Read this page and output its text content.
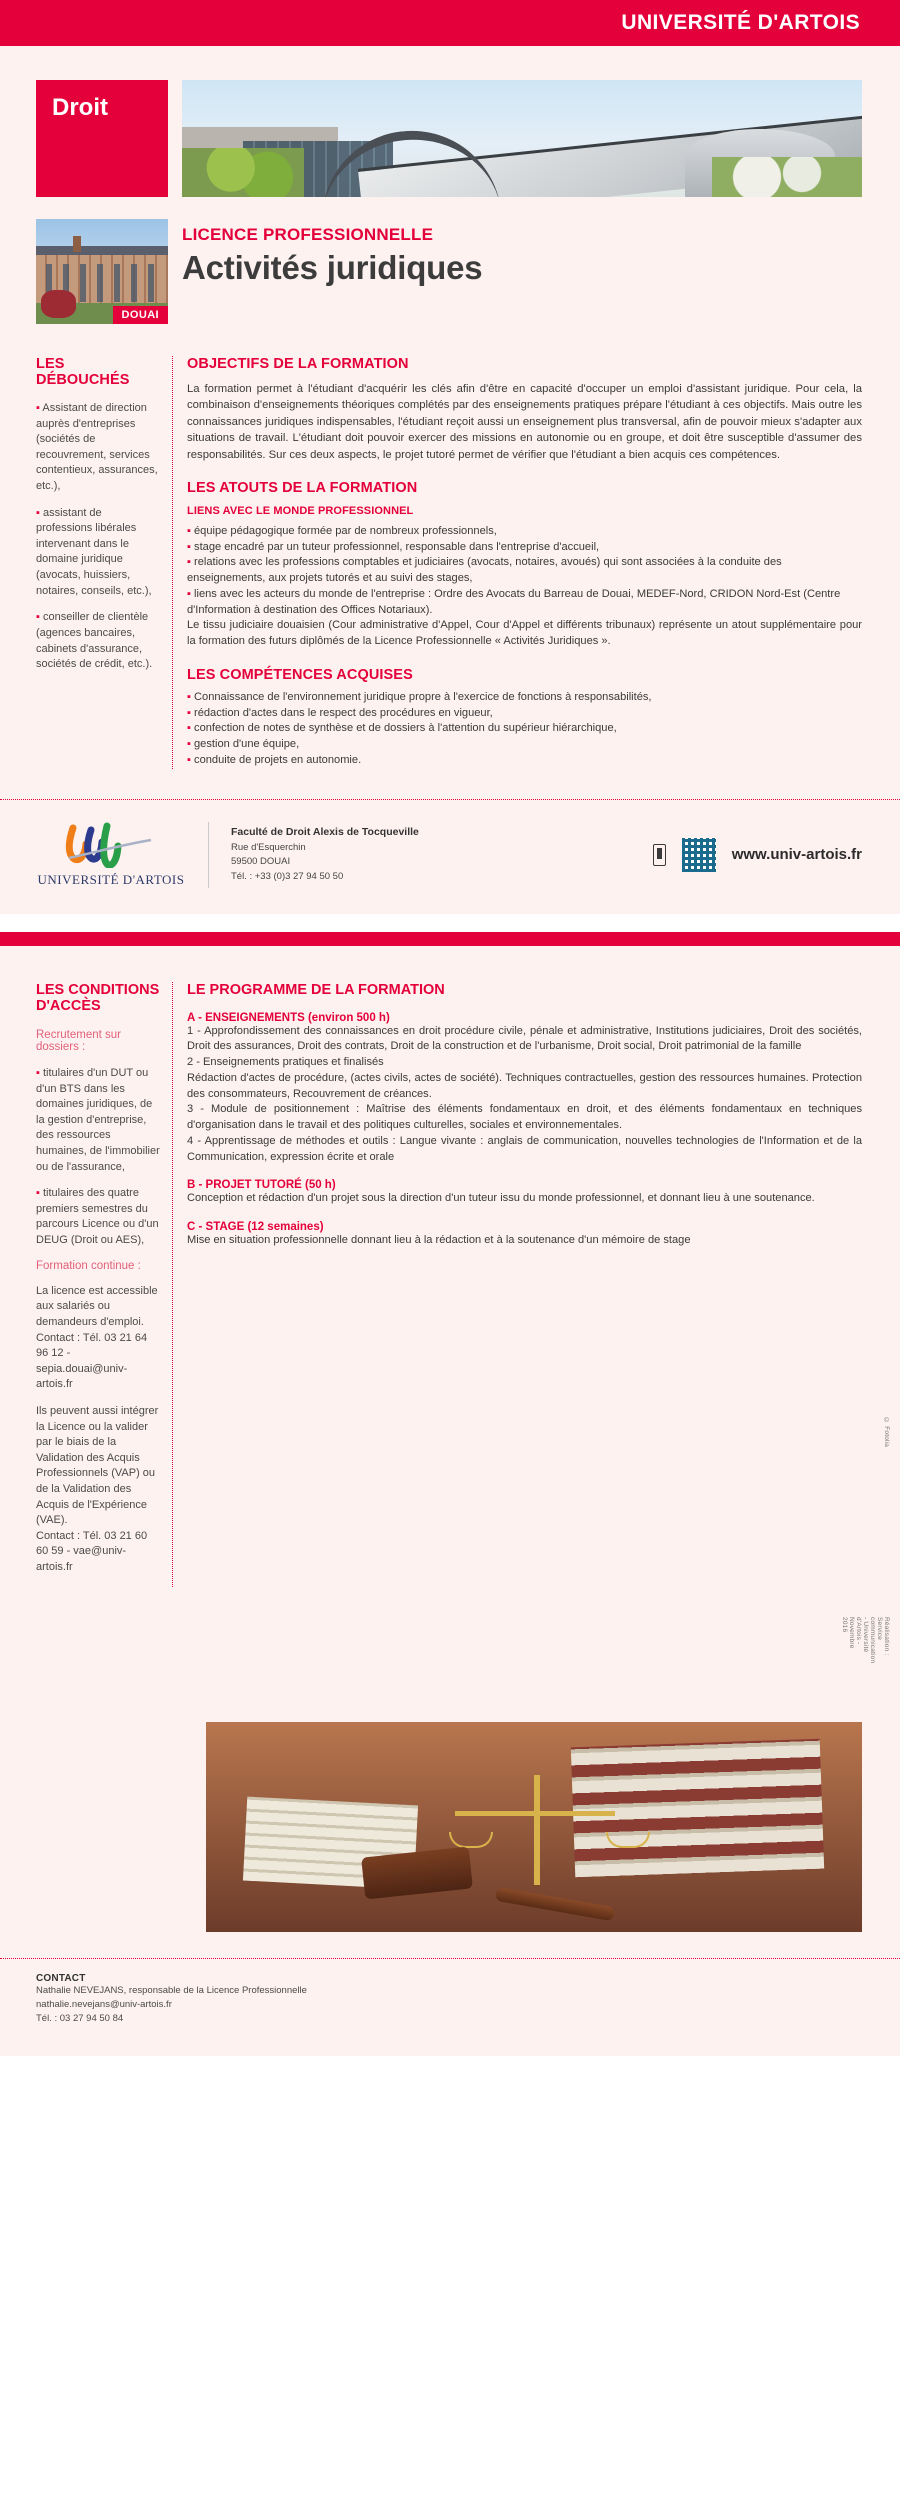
UNIVERSITÉ D'ARTOIS
Droit
DOUAI
LICENCE PROFESSIONNELLE
Activités juridiques
LES DÉBOUCHÉS
▪ Assistant de direction auprès d'entreprises (sociétés de recouvrement, services contentieux, assurances, etc.),
▪ assistant de professions libérales intervenant dans le domaine juridique (avocats, huissiers, notaires, conseils, etc.),
▪ conseiller de clientèle (agences bancaires, cabinets d'assurance, sociétés de crédit, etc.).
OBJECTIFS DE LA FORMATION
La formation permet à l'étudiant d'acquérir les clés afin d'être en capacité d'occuper un emploi d'assistant juridique. Pour cela, la combinaison d'enseignements théoriques complétés par des enseignements pratiques prépare l'étudiant à ces objectifs. Mais outre les connaissances juridiques indispensables, l'étudiant reçoit aussi un enseignement plus transversal, afin de pouvoir mieux s'adapter aux situations de travail. L'étudiant doit pouvoir exercer des missions en autonomie ou en groupe, et doit être susceptible d'assumer des responsabilités. Sur ces deux aspects, le projet tutoré permet de vérifier que l'étudiant a bien acquis ces compétences.
LES ATOUTS DE LA FORMATION
LIENS AVEC LE MONDE PROFESSIONNEL
▪ équipe pédagogique formée par de nombreux professionnels,
▪ stage encadré par un tuteur professionnel, responsable dans l'entreprise d'accueil,
▪ relations avec les professions comptables et judiciaires (avocats, notaires, avoués) qui sont associées à la conduite des enseignements, aux projets tutorés et au suivi des stages,
▪ liens avec les acteurs du monde de l'entreprise : Ordre des Avocats du Barreau de Douai, MEDEF-Nord, CRIDON Nord-Est (Centre d'Information à destination des Offices Notariaux).
Le tissu judiciaire douaisien (Cour administrative d'Appel, Cour d'Appel et différents tribunaux) représente un atout supplémentaire pour la formation des futurs diplômés de la Licence Professionnelle « Activités Juridiques ».
LES COMPÉTENCES ACQUISES
▪ Connaissance de l'environnement juridique propre à l'exercice de fonctions à responsabilités,
▪ rédaction d'actes dans le respect des procédures en vigueur,
▪ confection de notes de synthèse et de dossiers à l'attention du supérieur hiérarchique,
▪ gestion d'une équipe,
▪ conduite de projets en autonomie.
UNIVERSITÉ D'ARTOIS
Faculté de Droit Alexis de Tocqueville
Rue d'Esquerchin
59500 DOUAI
Tél. : +33 (0)3 27 94 50 50
www.univ-artois.fr
LES CONDITIONS
D'ACCÈS
Recrutement sur dossiers :
▪ titulaires d'un DUT ou d'un BTS dans les domaines juridiques, de la gestion d'entreprise, des ressources humaines, de l'immobilier ou de l'assurance,
▪ titulaires des quatre premiers semestres du parcours Licence ou d'un DEUG (Droit ou AES),
Formation continue :
La licence est accessible aux salariés ou demandeurs d'emploi.
Contact : Tél. 03 21 64 96 12 - sepia.douai@univ-artois.fr
Ils peuvent aussi intégrer la Licence ou la valider par le biais de la Validation des Acquis Professionnels (VAP) ou de la Validation des Acquis de l'Expérience (VAE).
Contact : Tél. 03 21 60 60 59 - vae@univ-artois.fr
LE PROGRAMME DE LA FORMATION
A - ENSEIGNEMENTS (environ 500 h)
1 - Approfondissement des connaissances en droit procédure civile, pénale et administrative, Institutions judiciaires, Droit des sociétés, Droit des assurances, Droit des contrats, Droit de la construction et de l'urbanisme, Droit social, Droit patrimonial de la famille
2 - Enseignements pratiques et finalisés
Rédaction d'actes de procédure, (actes civils, actes de société). Techniques contractuelles, gestion des ressources humaines. Protection des consommateurs, Recouvrement de créances.
3 - Module de positionnement : Maîtrise des éléments fondamentaux en droit, et des éléments fondamentaux en techniques d'organisation dans le travail et des politiques culturelles, sociales et environnementales.
4 - Apprentissage de méthodes et outils : Langue vivante : anglais de communication, nouvelles technologies de l'Information et de la Communication, expression écrite et orale
B - PROJET TUTORÉ (50 h)
Conception et rédaction d'un projet sous la direction d'un tuteur issu du monde professionnel, et donnant lieu à une soutenance.
C - STAGE (12 semaines)
Mise en situation professionnelle donnant lieu à la rédaction et à la soutenance d'un mémoire de stage
© Fotolia
Réalisation : Service communication - Université d'Artois - Novembre 2016
CONTACT
Nathalie NEVEJANS, responsable de la Licence Professionnelle
nathalie.nevejans@univ-artois.fr
Tél. : 03 27 94 50 84
